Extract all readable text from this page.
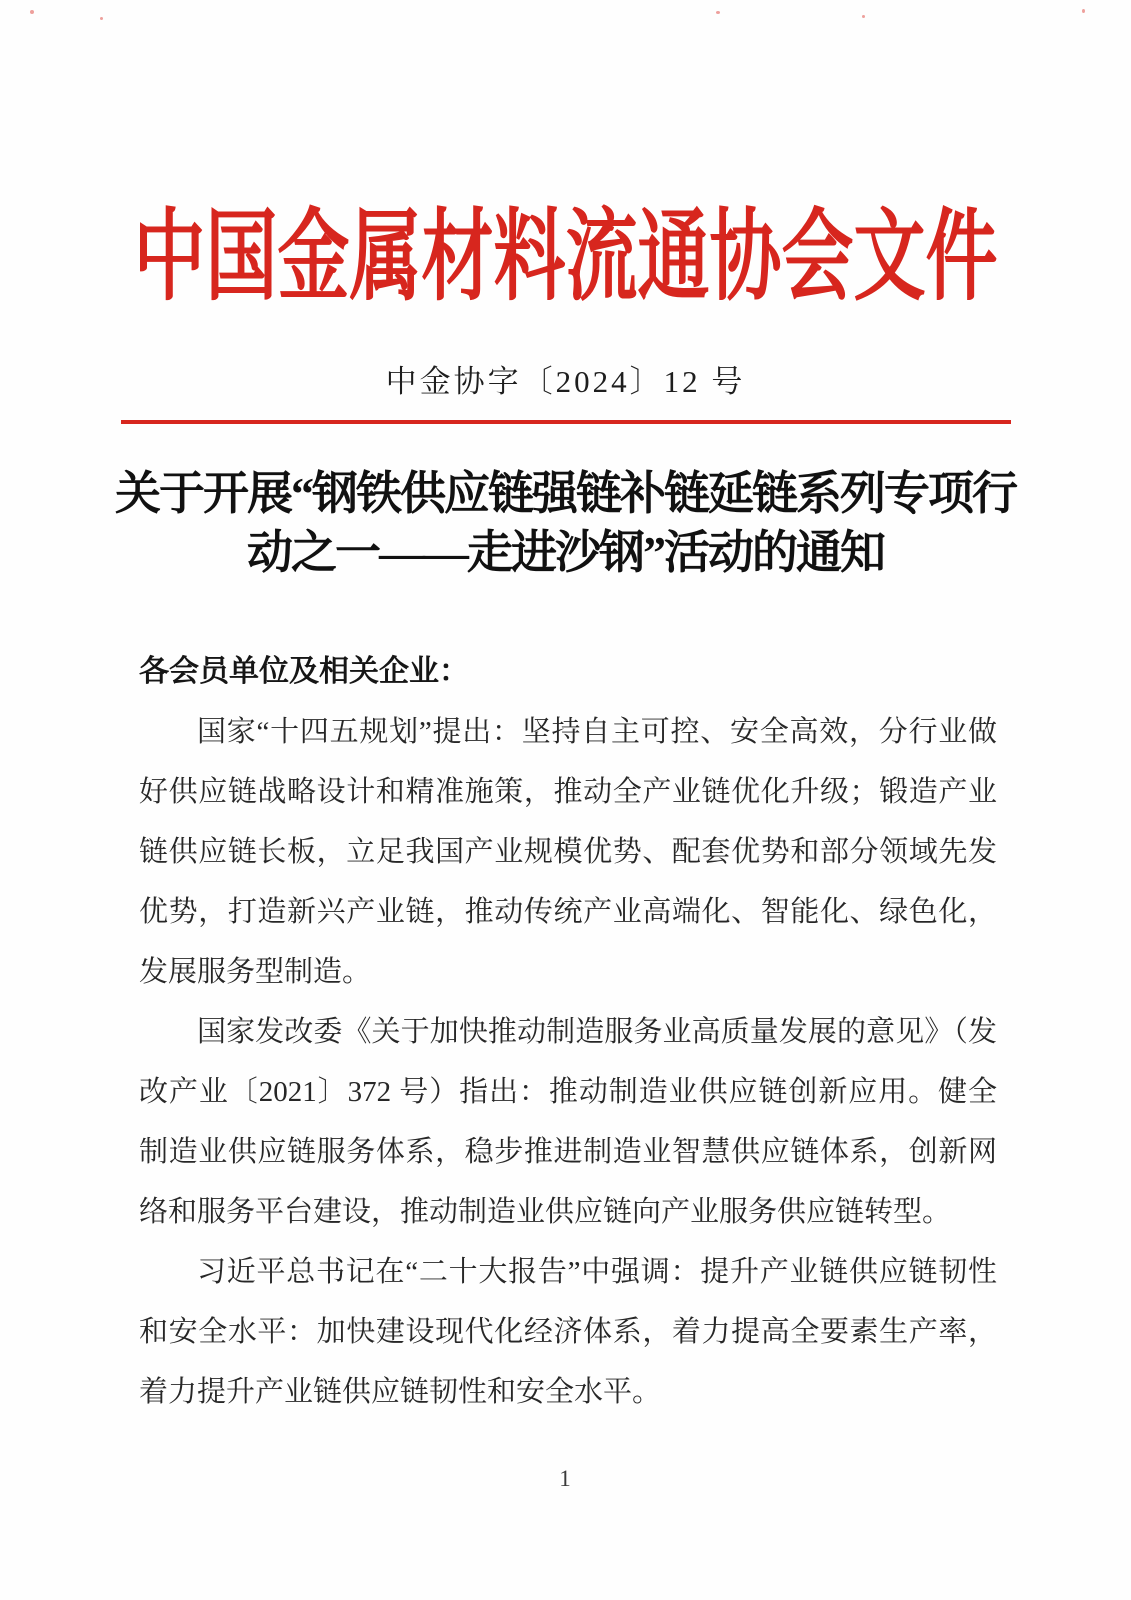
中国金属材料流通协会文件
中金协字〔2024〕12 号
关于开展“钢铁供应链强链补链延链系列专项行
动之一——走进沙钢”活动的通知

各会员单位及相关企业：

国家“十四五规划”提出：坚持自主可控、安全高效，分行业做好供应链战略设计和精准施策，推动全产业链优化升级；锻造产业链供应链长板，立足我国产业规模优势、配套优势和部分领域先发优势，打造新兴产业链，推动传统产业高端化、智能化、绿色化，发展服务型制造。

国家发改委《关于加快推动制造服务业高质量发展的意见》（发改产业〔2021〕372 号）指出：推动制造业供应链创新应用。健全制造业供应链服务体系，稳步推进制造业智慧供应链体系，创新网络和服务平台建设，推动制造业供应链向产业服务供应链转型。

习近平总书记在“二十大报告”中强调：提升产业链供应链韧性和安全水平：加快建设现代化经济体系，着力提高全要素生产率，着力提升产业链供应链韧性和安全水平。

1
